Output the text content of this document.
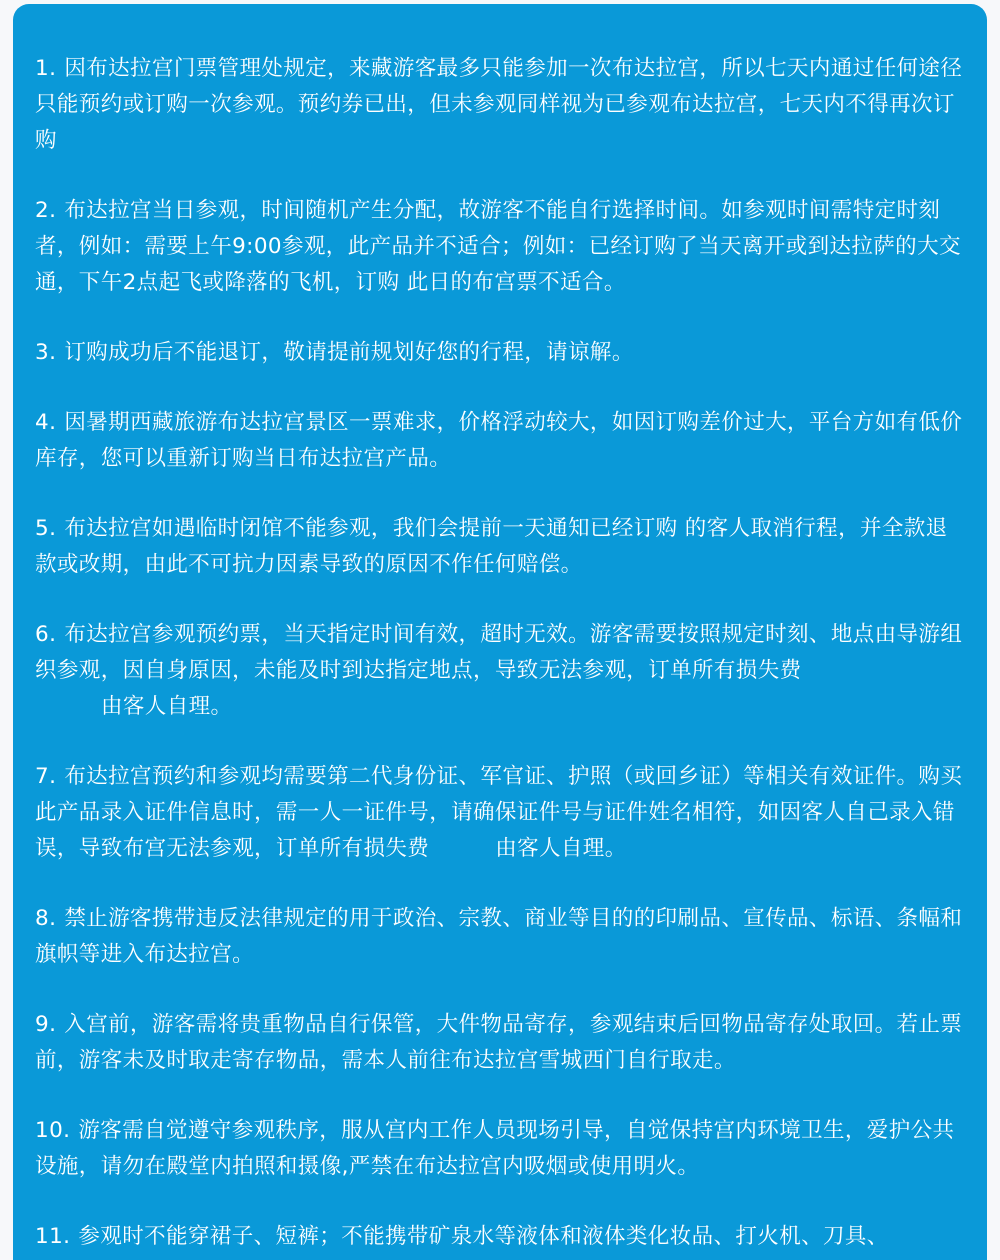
1. 因布达拉宫门票管理处规定，来藏游客最多只能参加一次布达拉宫，所以七天内通过任何途径只能预约或订购一次参观。预约券已出，但未参观同样视为已参观布达拉宫，七天内不得再次订购
2. 布达拉宫当日参观，时间随机产生分配，故游客不能自行选择时间。如参观时间需特定时刻者，例如：需要上午9:00参观，此产品并不适合；例如：已经订购了当天离开或到达拉萨的大交通，下午2点起飞或降落的飞机，订购 此日的布宫票不适合。
3. 订购成功后不能退订，敬请提前规划好您的行程，请谅解。
4. 因暑期西藏旅游布达拉宫景区一票难求，价格浮动较大，如因订购差价过大，平台方如有低价库存，您可以重新订购当日布达拉宫产品。
5. 布达拉宫如遇临时闭馆不能参观，我们会提前一天通知已经订购 的客人取消行程，并全款退款或改期，由此不可抗力因素导致的原因不作任何赔偿。
6. 布达拉宫参观预约票，当天指定时间有效，超时无效。游客需要按照规定时刻、地点由导游组织参观，因自身原因，未能及时到达指定地点，导致无法参观，订单所有损失费
由客人自理。
7. 布达拉宫预约和参观均需要第二代身份证、军官证、护照（或回乡证）等相关有效证件。购买此产品录入证件信息时，需一人一证件号，请确保证件号与证件姓名相符，如因客人自己录入错误，导致布宫无法参观，订单所有损失费	由客人自理。
8. 禁止游客携带违反法律规定的用于政治、宗教、商业等目的的印刷品、宣传品、标语、条幅和旗帜等进入布达拉宫。
9. 入宫前，游客需将贵重物品自行保管，大件物品寄存，参观结束后回物品寄存处取回。若止票前，游客未及时取走寄存物品，需本人前往布达拉宫雪城西门自行取走。
10. 游客需自觉遵守参观秩序，服从宫内工作人员现场引导，自觉保持宫内环境卫生，爱护公共设施，请勿在殿堂内拍照和摄像,严禁在布达拉宫内吸烟或使用明火。
11. 参观时不能穿裙子、短裤；不能携带矿泉水等液体和液体类化妆品、打火机、刀具、
